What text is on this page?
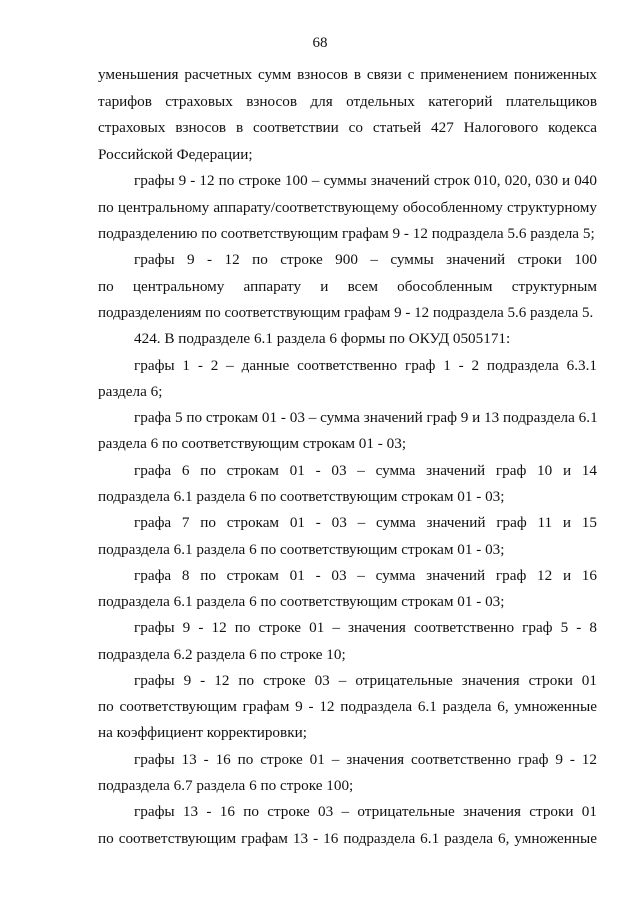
68
уменьшения расчетных сумм взносов в связи с применением пониженных
тарифов страховых взносов для отдельных категорий плательщиков
страховых взносов в соответствии со статьей 427 Налогового кодекса
Российской Федерации;
графы 9 - 12 по строке 100 – суммы значений строк 010, 020, 030 и 040
по центральному аппарату/соответствующему обособленному структурному
подразделению по соответствующим графам 9 - 12 подраздела 5.6 раздела 5;
графы 9 - 12 по строке 900 – суммы значений строки 100
по центральному аппарату и всем обособленным структурным
подразделениям по соответствующим графам 9 - 12 подраздела 5.6 раздела 5.
424. В подразделе 6.1 раздела 6 формы по ОКУД 0505171:
графы 1 - 2 – данные соответственно граф 1 - 2 подраздела 6.3.1
раздела 6;
графа 5 по строкам 01 - 03 – сумма значений граф 9 и 13 подраздела 6.1
раздела 6 по соответствующим строкам 01 - 03;
графа 6 по строкам 01 - 03 – сумма значений граф 10 и 14
подраздела 6.1 раздела 6 по соответствующим строкам 01 - 03;
графа 7 по строкам 01 - 03 – сумма значений граф 11 и 15
подраздела 6.1 раздела 6 по соответствующим строкам 01 - 03;
графа 8 по строкам 01 - 03 – сумма значений граф 12 и 16
подраздела 6.1 раздела 6 по соответствующим строкам 01 - 03;
графы 9 - 12 по строке 01 – значения соответственно граф 5 - 8
подраздела 6.2 раздела 6 по строке 10;
графы 9 - 12 по строке 03 – отрицательные значения строки 01
по соответствующим графам 9 - 12 подраздела 6.1 раздела 6, умноженные
на коэффициент корректировки;
графы 13 - 16 по строке 01 – значения соответственно граф 9 - 12
подраздела 6.7 раздела 6 по строке 100;
графы 13 - 16 по строке 03 – отрицательные значения строки 01
по соответствующим графам 13 - 16 подраздела 6.1 раздела 6, умноженные
